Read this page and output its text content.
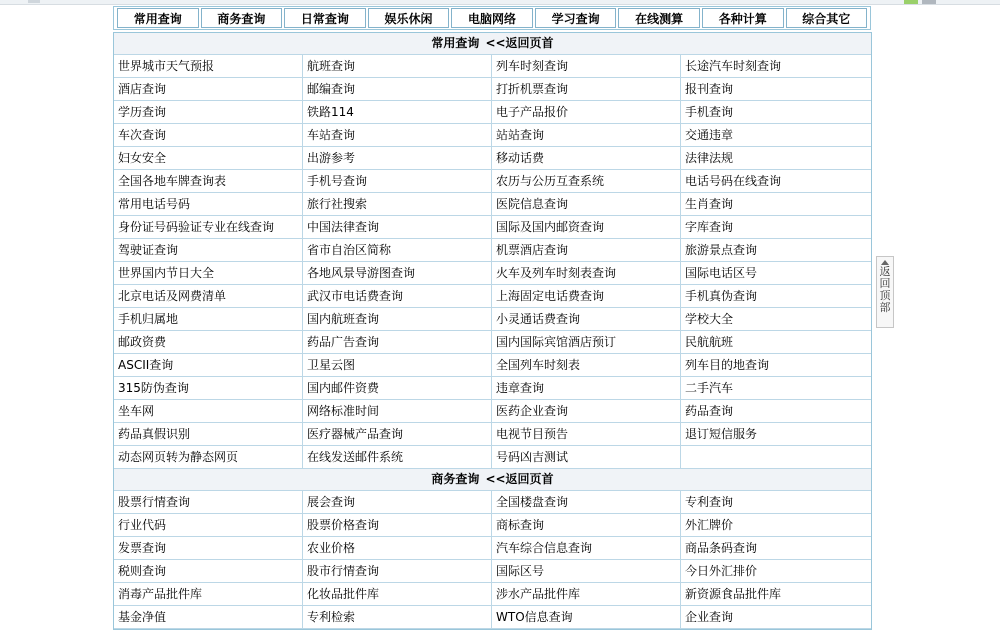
常用查询	商务查询	日常查询	娱乐休闲	电脑网络	学习查询	在线测算	各种计算	综合其它
常用查询 <<返回页首
世界城市天气预报	航班查询	列车时刻查询	长途汽车时刻查询
酒店查询	邮编查询	打折机票查询	报刊查询
学历查询	铁路114	电子产品报价	手机查询
车次查询	车站查询	站站查询	交通违章
妇女安全	出游参考	移动话费	法律法规
全国各地车牌查询表	手机号查询	农历与公历互查系统	电话号码在线查询
常用电话号码	旅行社搜索	医院信息查询	生肖查询
身份证号码验证专业在线查询	中国法律查询	国际及国内邮资查询	字库查询
驾驶证查询	省市自治区简称	机票酒店查询	旅游景点查询
世界国内节日大全	各地风景导游图查询	火车及列车时刻表查询	国际电话区号
北京电话及网费清单	武汉市电话费查询	上海固定电话费查询	手机真伪查询
手机归属地	国内航班查询	小灵通话费查询	学校大全
邮政资费	药品广告查询	国内国际宾馆酒店预订	民航航班
ASCII查询	卫星云图	全国列车时刻表	列车目的地查询
315防伪查询	国内邮件资费	违章查询	二手汽车
坐车网	网络标准时间	医药企业查询	药品查询
药品真假识别	医疗器械产品查询	电视节目预告	退订短信服务
动态网页转为静态网页	在线发送邮件系统	号码凶吉测试
商务查询 <<返回页首
股票行情查询	展会查询	全国楼盘查询	专利查询
行业代码	股票价格查询	商标查询	外汇牌价
发票查询	农业价格	汽车综合信息查询	商品条码查询
税则查询	股市行情查询	国际区号	今日外汇排价
消毒产品批件库	化妆品批件库	涉水产品批件库	新资源食品批件库
基金净值	专利检索	WTO信息查询	企业查询
返回顶部
